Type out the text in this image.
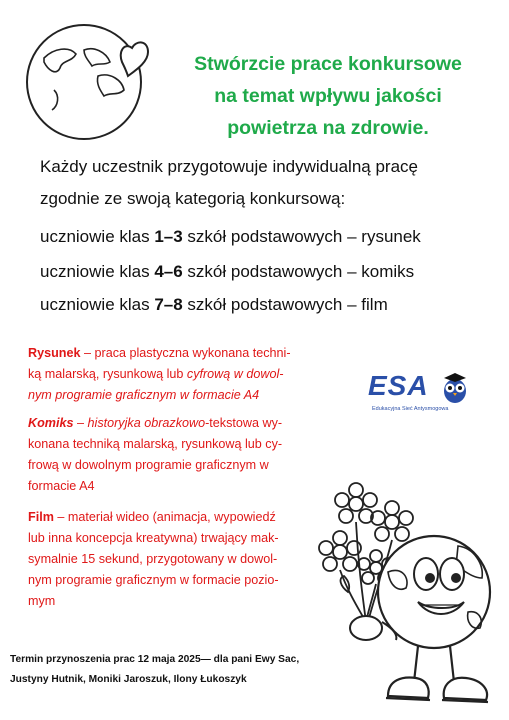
Stwórzcie prace konkursowe
na temat wpływu jakości
powietrza na zdrowie.

Każdy uczestnik przygotowuje indywidualną pracę

zgodnie ze swoją kategorią konkursową:

uczniowie klas 1–3 szkół podstawowych – rysunek
uczniowie klas 4–6 szkół podstawowych – komiks
uczniowie klas 7–8 szkół podstawowych – film

Rysunek – praca plastyczna wykonana techni-

ką malarską, rysunkową lub cyfrową w dowol-

nym programie graficznym w formacie A4

Komiks – historyjka obrazkowo-tekstowa wy-

konana techniką malarską, rysunkową lub cy-

frową w dowolnym programie graficznym w

formacie A4

Film – materiał wideo (animacja, wypowiedź

lub inna koncepcja kreatywna) trwający mak-

symalnie 15 sekund, przygotowany w dowol-

nym programie graficznym w formacie pozio-

mym

ESA
Edukacyjna Sieć Antysmogowa
Termin przynoszenia prac 12 maja 2025— dla pani Ewy Sac,
Justyny Hutnik, Moniki Jaroszuk, Ilony Łukoszyk
